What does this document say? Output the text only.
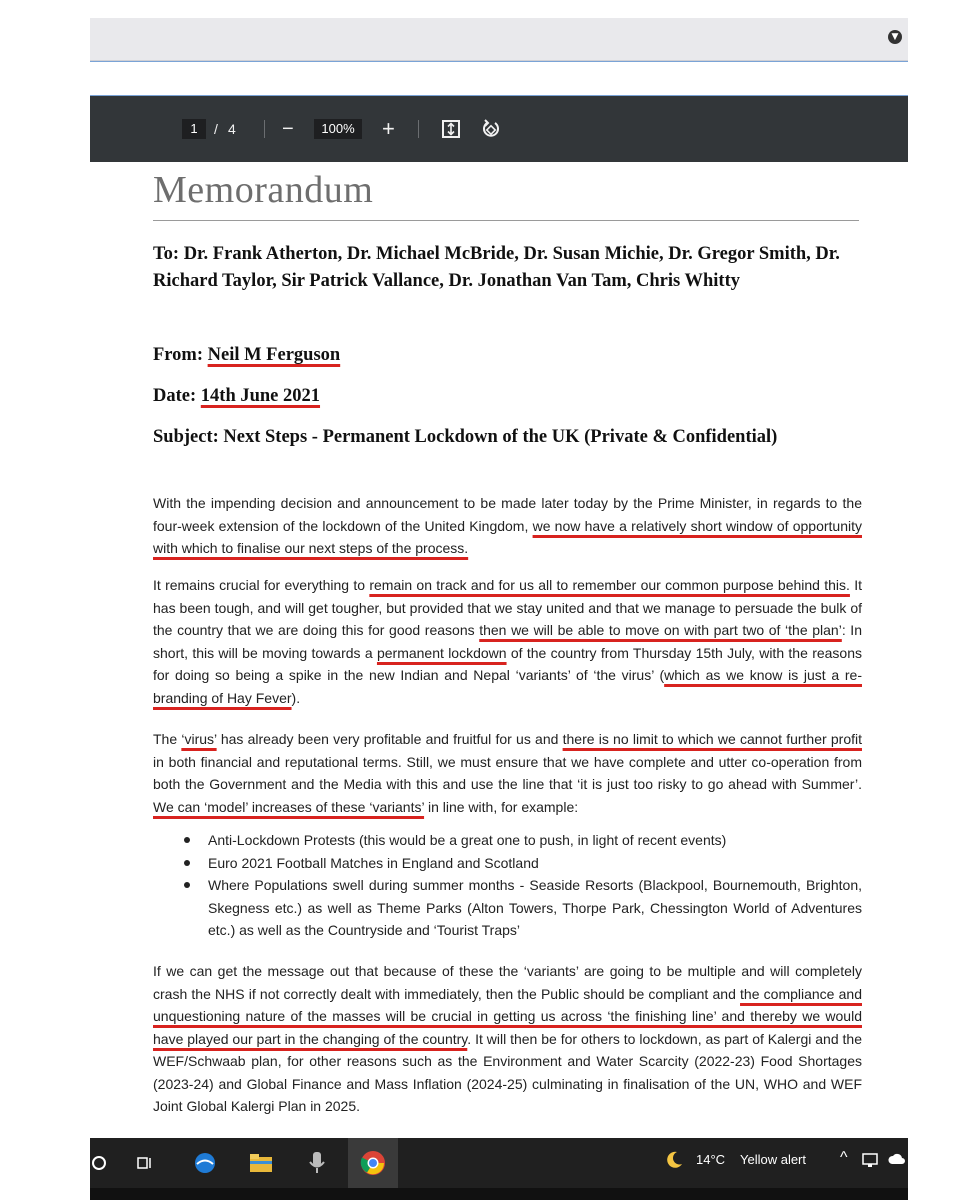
▼
1	/ 4 −	100%	+
Memorandum
To: Dr. Frank Atherton, Dr. Michael McBride, Dr. Susan Michie, Dr. Gregor Smith, Dr. Richard Taylor, Sir Patrick Vallance, Dr. Jonathan Van Tam, Chris Whitty
From: Neil M Ferguson
Date: 14th June 2021
Subject: Next Steps - Permanent Lockdown of the UK (Private & Confidential)

With the impending decision and announcement to be made later today by the Prime Minister, in regards to the four-week extension of the lockdown of the United Kingdom, we now have a relatively short window of opportunity with which to finalise our next steps of the process.

It remains crucial for everything to remain on track and for us all to remember our common purpose behind this. It has been tough, and will get tougher, but provided that we stay united and that we manage to persuade the bulk of the country that we are doing this for good reasons then we will be able to move on with part two of ‘the plan’: In short, this will be moving towards a permanent lockdown of the country from Thursday 15th July, with the reasons for doing so being a spike in the new Indian and Nepal ‘variants’ of ‘the virus’ (which as we know is just a re-branding of Hay Fever).

The ‘virus’ has already been very profitable and fruitful for us and there is no limit to which we cannot further profit in both financial and reputational terms. Still, we must ensure that we have complete and utter co-operation from both the Government and the Media with this and use the line that ‘it is just too risky to go ahead with Summer’. We can ‘model’ increases of these ‘variants’ in line with, for example:

Anti-Lockdown Protests (this would be a great one to push, in light of recent events)
Euro 2021 Football Matches in England and Scotland
Where Populations swell during summer months - Seaside Resorts (Blackpool, Bournemouth, Brighton, Skegness etc.) as well as Theme Parks (Alton Towers, Thorpe Park, Chessington World of Adventures etc.) as well as the Countryside and ‘Tourist Traps’

If we can get the message out that because of these the ‘variants’ are going to be multiple and will completely crash the NHS if not correctly dealt with immediately, then the Public should be compliant and the compliance and unquestioning nature of the masses will be crucial in getting us across ‘the finishing line’ and thereby we would have played our part in the changing of the country. It will then be for others to lockdown, as part of Kalergi and the WEF/Schwaab plan, for other reasons such as the Environment and Water Scarcity (2022-23) Food Shortages (2023-24) and Global Finance and Mass Inflation (2024-25) culminating in finalisation of the UN, WHO and WEF Joint Global Kalergi Plan in 2025.

14°C Yellow alert ^
